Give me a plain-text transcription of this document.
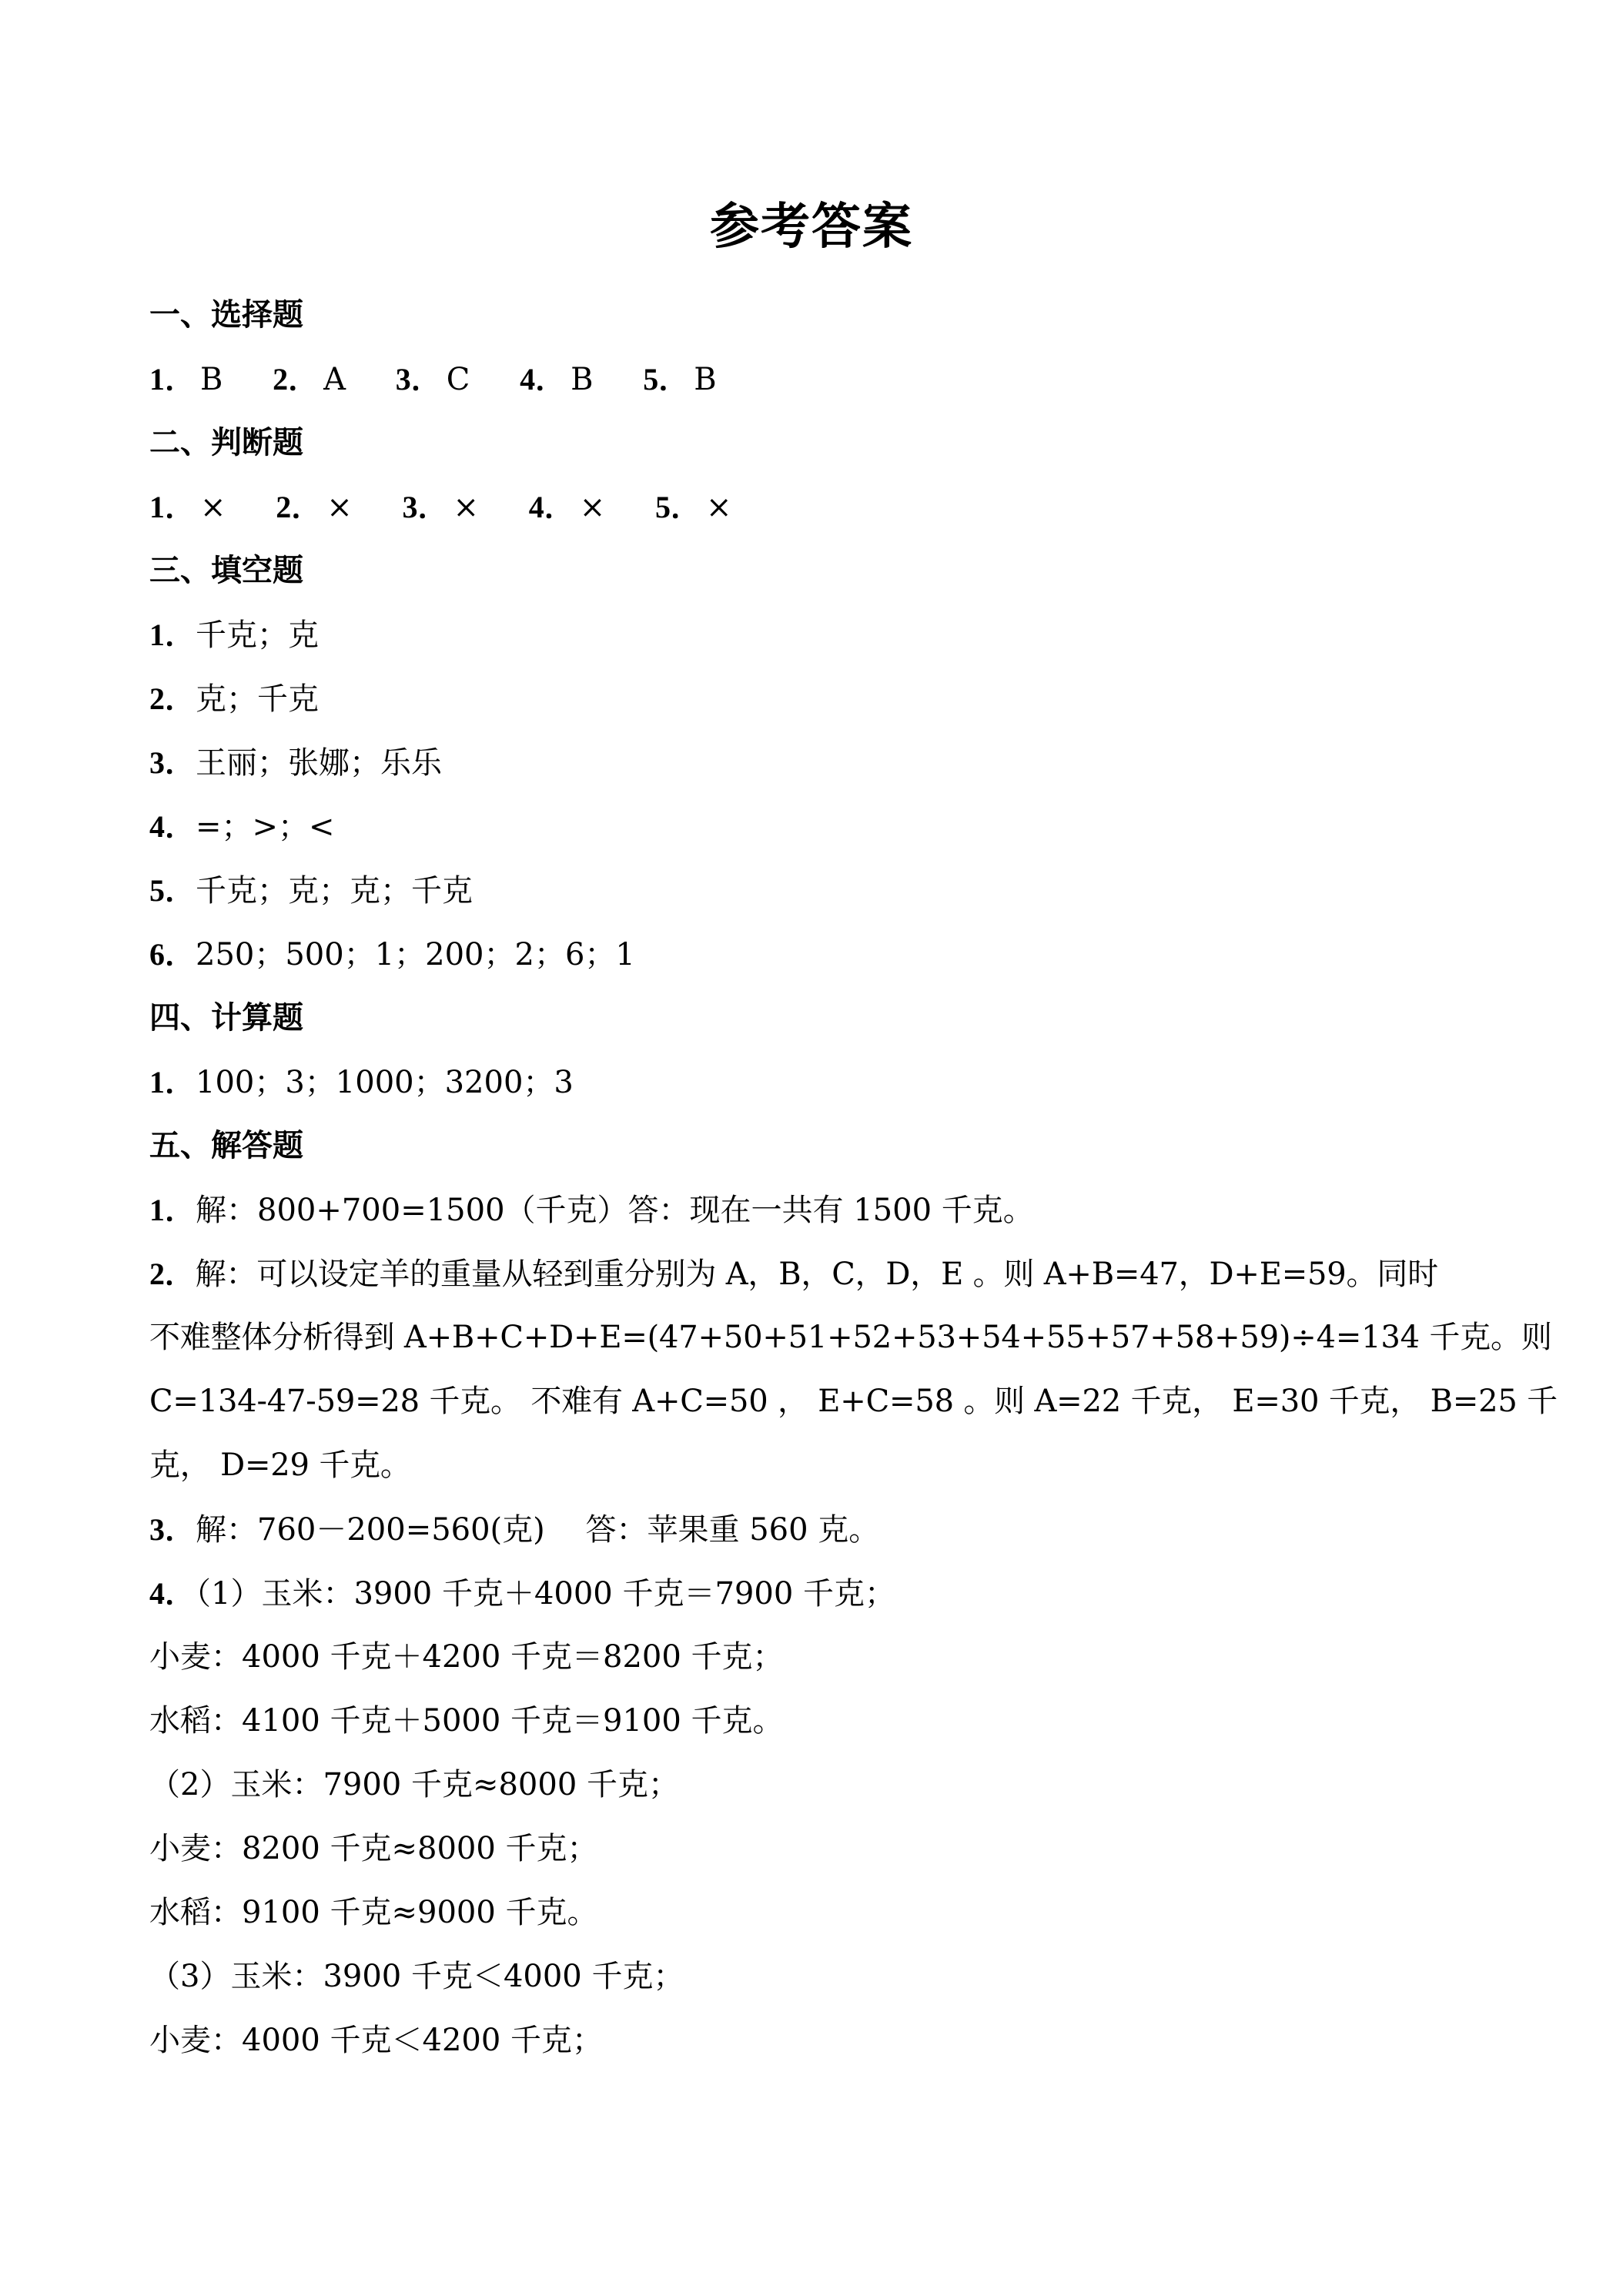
参考答案
一、选择题
1． B 2． A 3． C 4． B 5． B
二、判断题
1． × 2． × 3． × 4． × 5． ×
三、填空题
1．千克；克
2．克；千克
3．王丽；张娜；乐乐
4．=；>；<
5．千克；克；克；千克
6．250；500；1；200；2；6；1
四、计算题
1．100；3；1000；3200；3
五、解答题
1．解：800+700=1500（千克）答：现在一共有 1500 千克。
2．解：可以设定羊的重量从轻到重分别为 A，B，C，D，E 。则 A+B=47，D+E=59。同时
不难整体分析得到 A+B+C+D+E=(47+50+51+52+53+54+55+57+58+59)÷4=134 千克。则
C=134-47-59=28 千克。 不难有 A+C=50 ， E+C=58 。则 A=22 千克， E=30 千克， B=25 千
克， D=29 千克。
3．解：760－200=560(克)　 答：苹果重 560 克。
4．（1）玉米：3900 千克＋4000 千克＝7900 千克；
小麦：4000 千克＋4200 千克＝8200 千克；
水稻：4100 千克＋5000 千克＝9100 千克。
（2）玉米：7900 千克≈8000 千克；
小麦：8200 千克≈8000 千克；
水稻：9100 千克≈9000 千克。
（3）玉米：3900 千克＜4000 千克；
小麦：4000 千克＜4200 千克；
